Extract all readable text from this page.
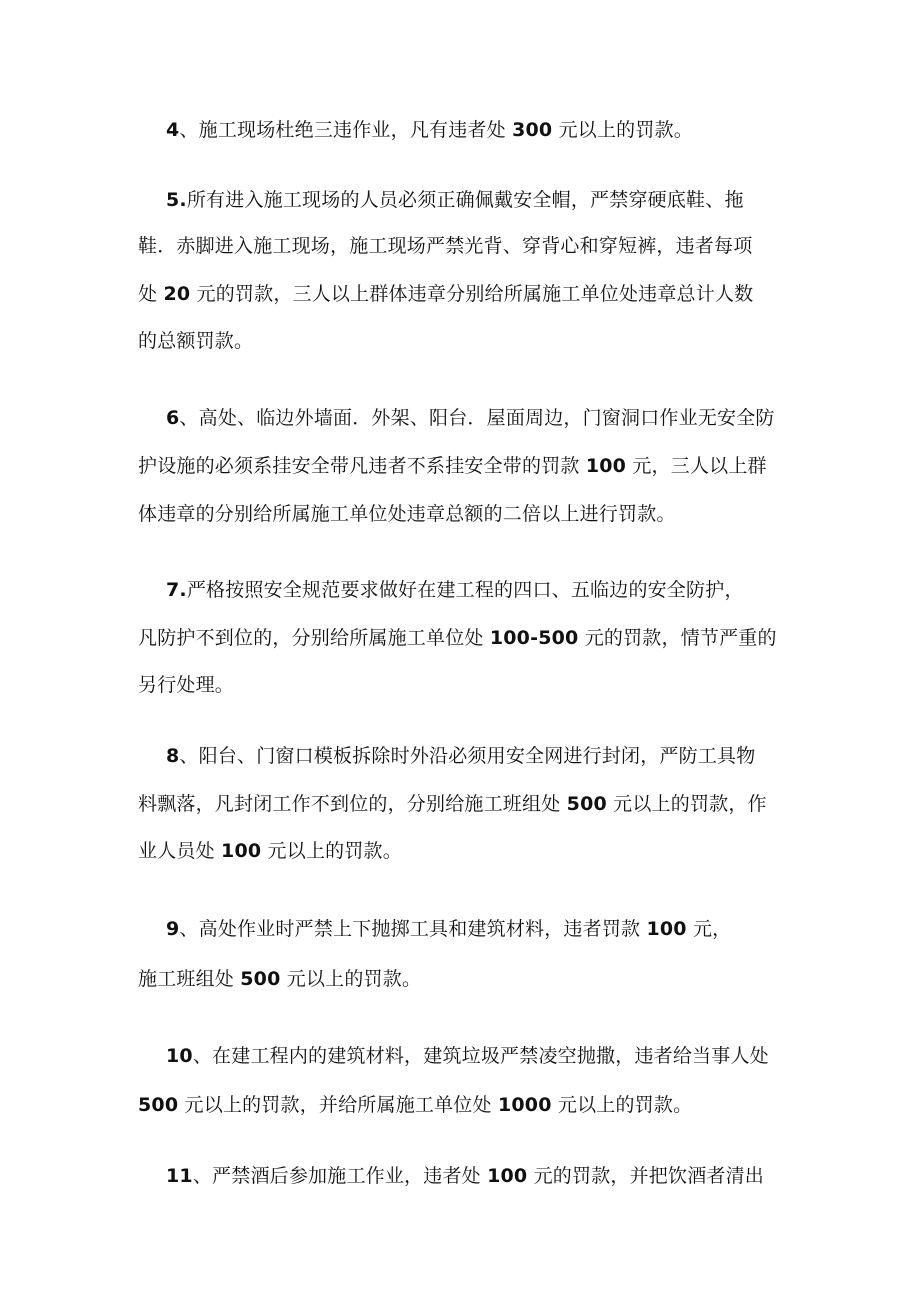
4、施工现场杜绝三违作业，凡有违者处 300 元以上的罚款。
5.所有进入施工现场的人员必须正确佩戴安全帽，严禁穿硬底鞋、拖
鞋．赤脚进入施工现场，施工现场严禁光背、穿背心和穿短裤，违者每项
处 20 元的罚款，三人以上群体违章分别给所属施工单位处违章总计人数
的总额罚款。
6、高处、临边外墙面．外架、阳台．屋面周边，门窗洞口作业无安全防
护设施的必须系挂安全带凡违者不系挂安全带的罚款 100 元，三人以上群
体违章的分别给所属施工单位处违章总额的二倍以上进行罚款。
7.严格按照安全规范要求做好在建工程的四口、五临边的安全防护，
凡防护不到位的，分别给所属施工单位处 100-500 元的罚款，情节严重的
另行处理。
8、阳台、门窗口模板拆除时外沿必须用安全网进行封闭，严防工具物
料飘落，凡封闭工作不到位的，分别给施工班组处 500 元以上的罚款，作
业人员处 100 元以上的罚款。
9、高处作业时严禁上下抛掷工具和建筑材料，违者罚款 100 元，
施工班组处 500 元以上的罚款。
10、在建工程内的建筑材料，建筑垃圾严禁凌空抛撒，违者给当事人处
500 元以上的罚款，并给所属施工单位处 1000 元以上的罚款。
11、严禁酒后参加施工作业，违者处 100 元的罚款，并把饮酒者清出
